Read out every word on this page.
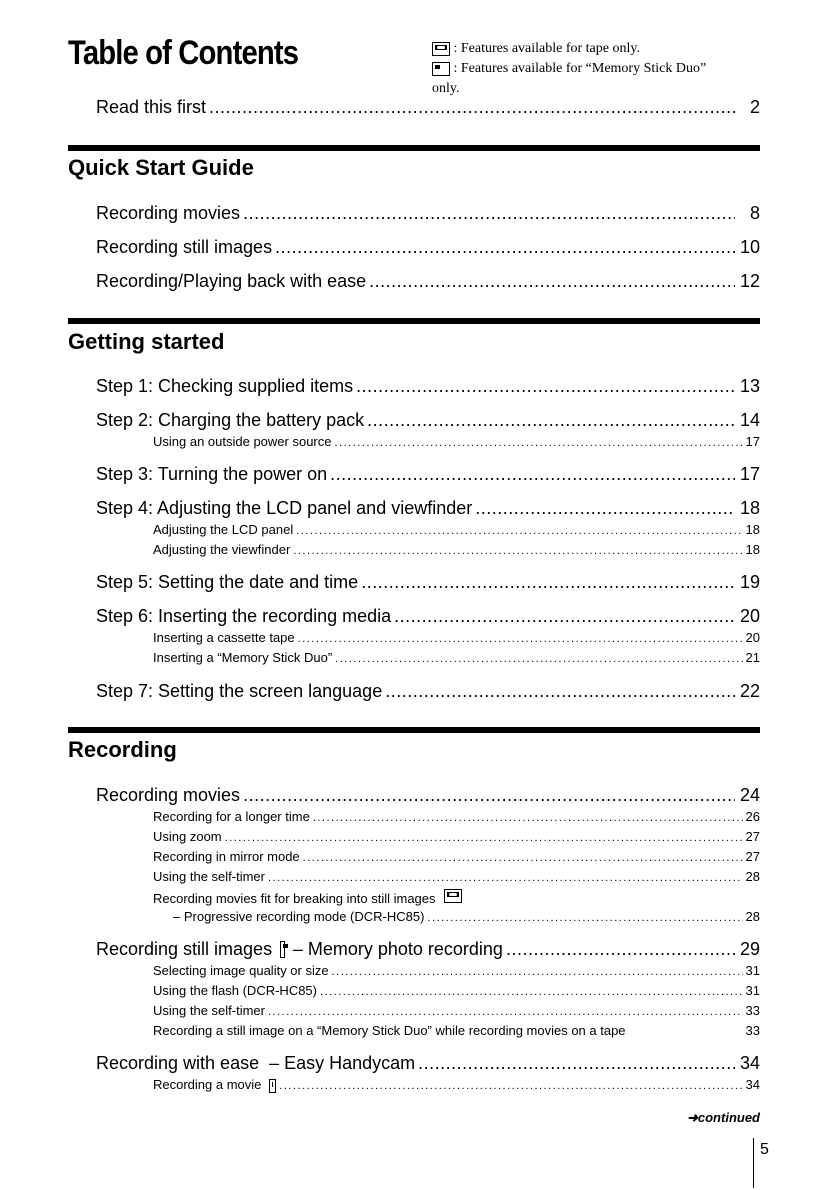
Table of Contents	: Features available for tape only.
: Features available for “Memory Stick Duo”
only.
Read this first .....	2
Quick Start Guide
Recording movies .....	8
Recording still images .....	10
Recording/Playing back with ease .....	12
Getting started
Step 1: Checking supplied items .....	13
Step 2: Charging the battery pack .....	14
Using an outside power source .....	17
Step 3: Turning the power on .....	17
Step 4: Adjusting the LCD panel and viewfinder .....	18
Adjusting the LCD panel .....	18
Adjusting the viewfinder .....	18
Step 5: Setting the date and time .....	19
Step 6: Inserting the recording media .....	20
Inserting a cassette tape .....	20
Inserting a “Memory Stick Duo” .....	21
Step 7: Setting the screen language .....	22
Recording
Recording movies .....	24
Recording for a longer time .....	26
Using zoom .....	27
Recording in mirror mode .....	27
Using the self-timer .....	28
Recording movies fit for breaking into still images
– Progressive recording mode (DCR-HC85) .....	28
Recording still images – Memory photo recording .....	29
Selecting image quality or size .....	31
Using the flash (DCR-HC85) .....	31
Using the self-timer .....	33
Recording a still image on a “Memory Stick Duo” while recording movies on a tape	33
Recording with ease  – Easy Handycam .....	34
Recording a movie .....	34
➜continued
5
